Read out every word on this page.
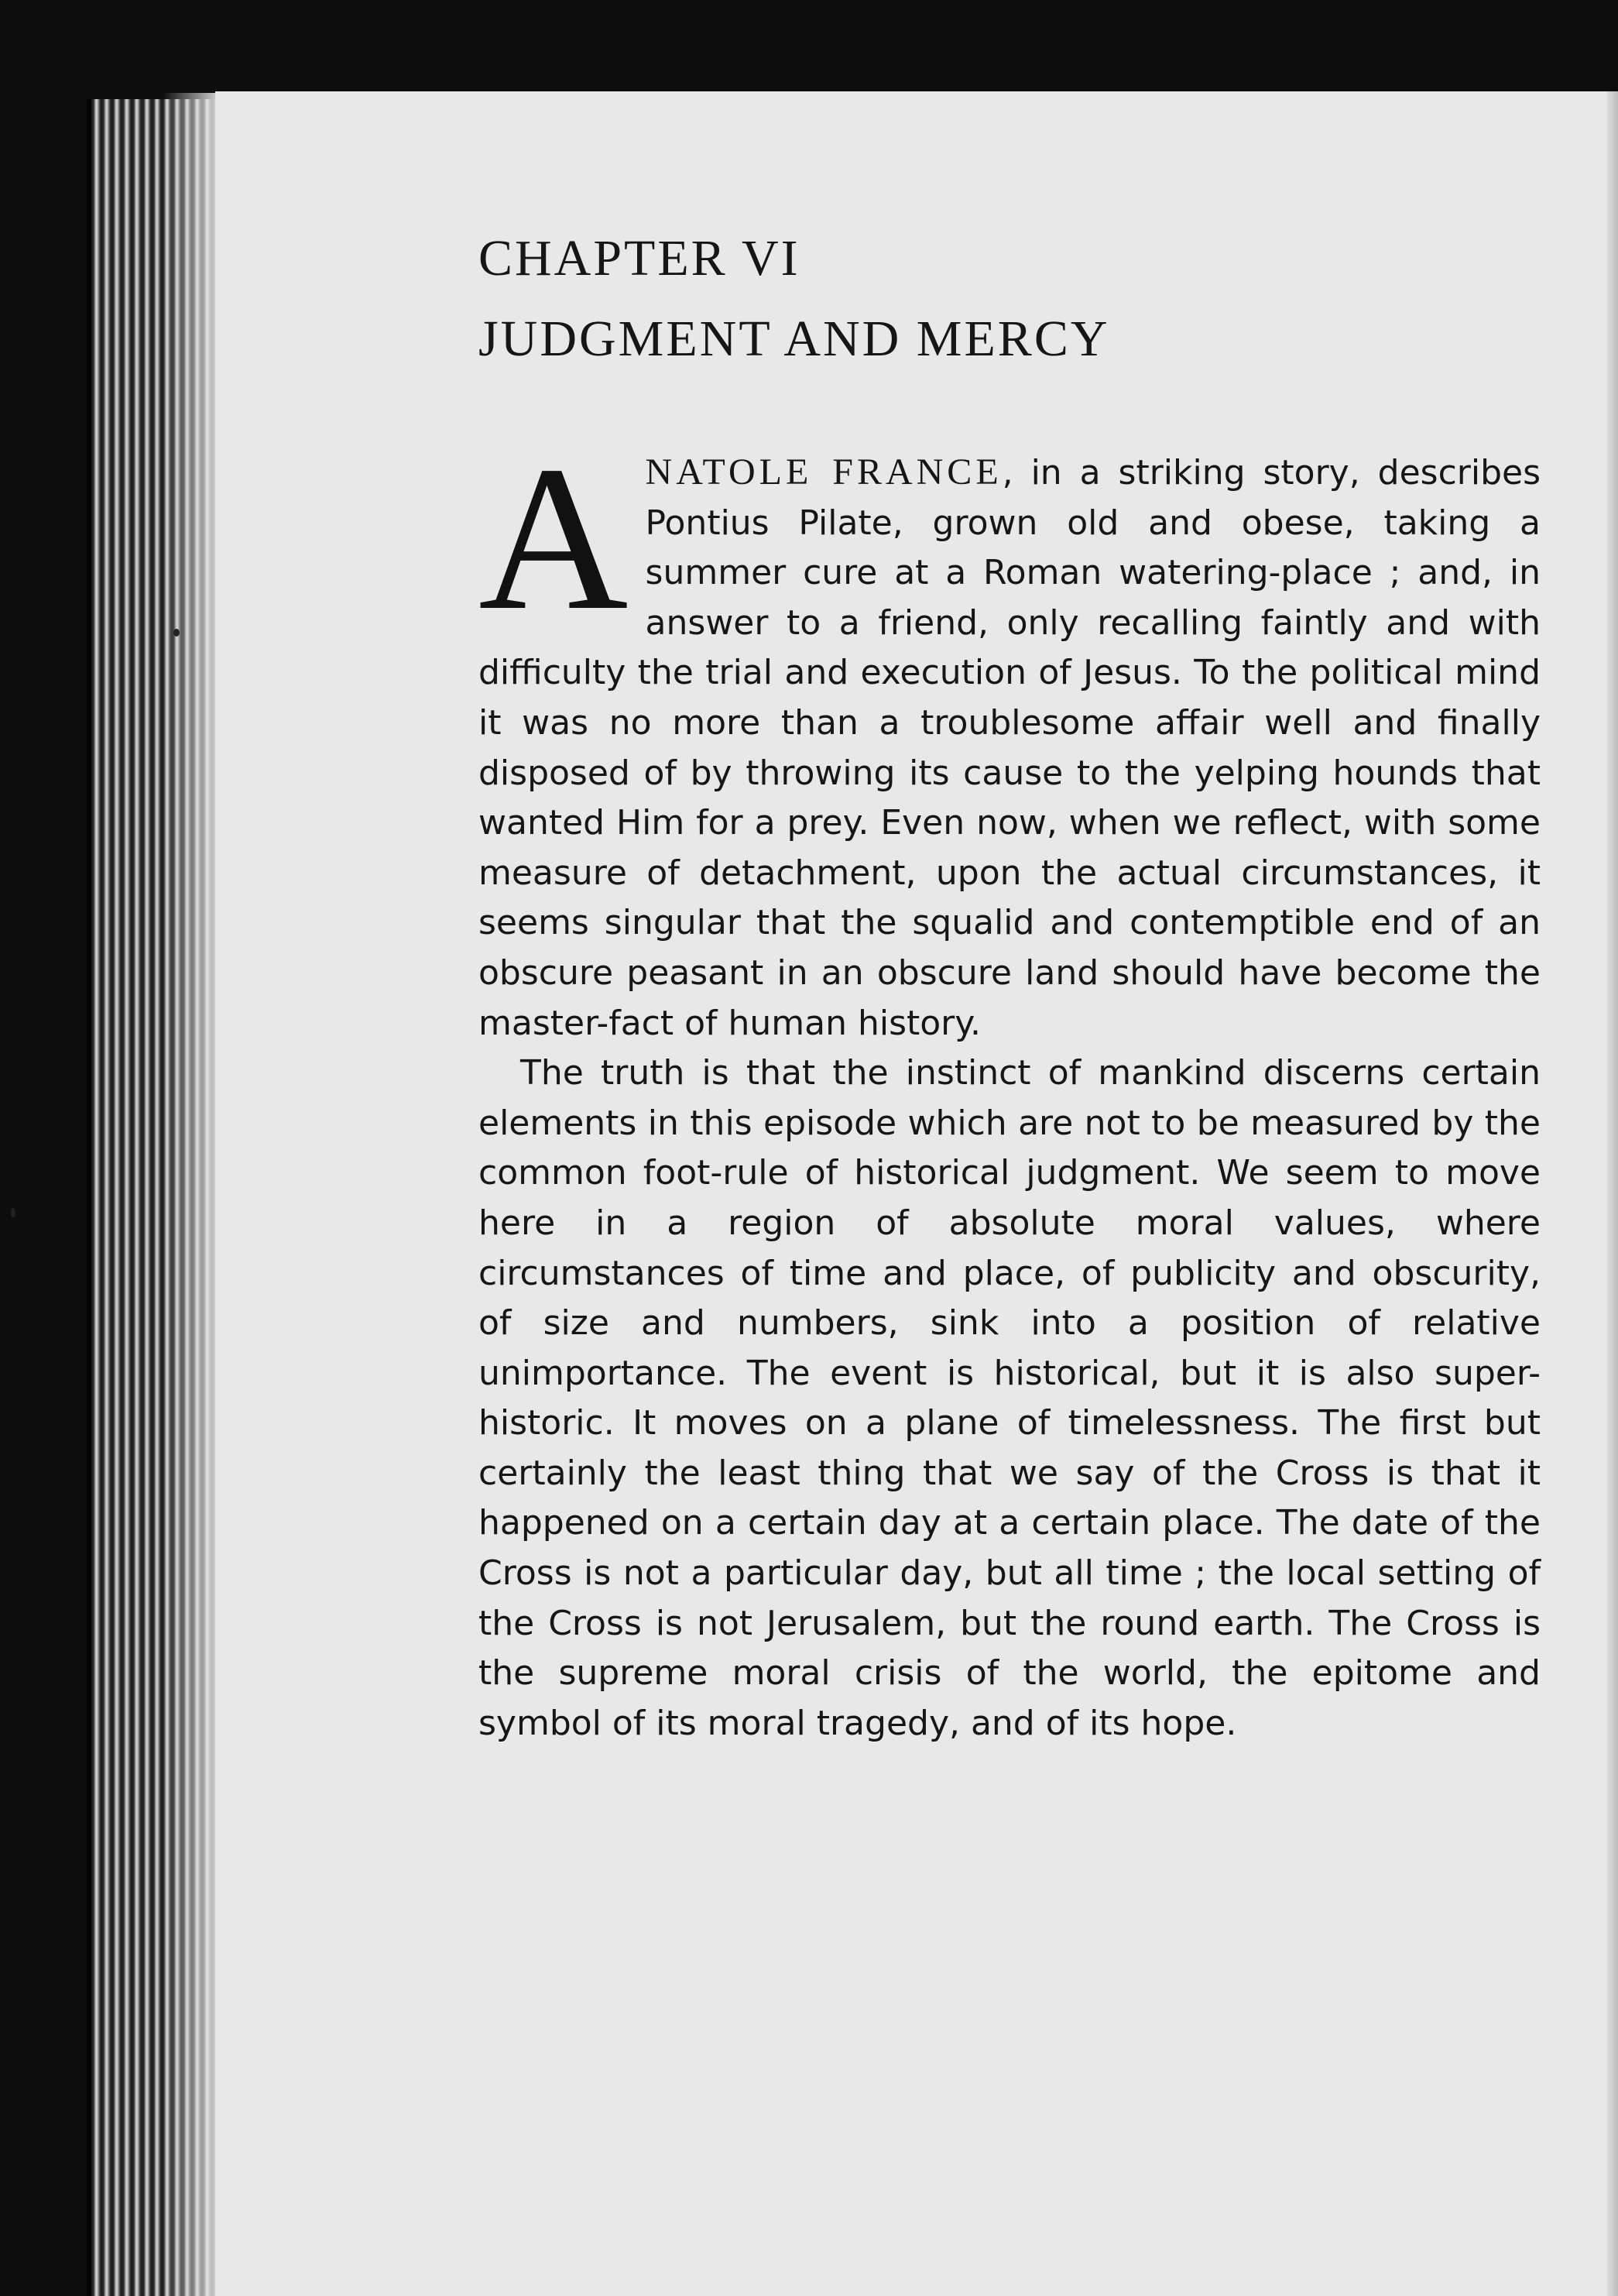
CHAPTER VI
JUDGMENT AND MERCY

ANATOLE FRANCE, in a striking story, describes Pontius Pilate, grown old and obese, taking a summer cure at a Roman watering-place ; and, in answer to a friend, only recalling faintly and with difficulty the trial and execution of Jesus. To the political mind it was no more than a troublesome affair well and finally disposed of by throwing its cause to the yelping hounds that wanted Him for a prey. Even now, when we reflect, with some measure of detachment, upon the actual circumstances, it seems singular that the squalid and contemptible end of an obscure peasant in an obscure land should have become the master-fact of human history.

The truth is that the instinct of mankind discerns certain elements in this episode which are not to be measured by the common foot-rule of historical judgment. We seem to move here in a region of absolute moral values, where circumstances of time and place, of publicity and obscurity, of size and numbers, sink into a position of relative unimportance. The event is historical, but it is also super-historic. It moves on a plane of timelessness. The first but certainly the least thing that we say of the Cross is that it happened on a certain day at a certain place. The date of the Cross is not a particular day, but all time ; the local setting of the Cross is not Jerusalem, but the round earth. The Cross is the supreme moral crisis of the world, the epitome and symbol of its moral tragedy, and of its hope.
